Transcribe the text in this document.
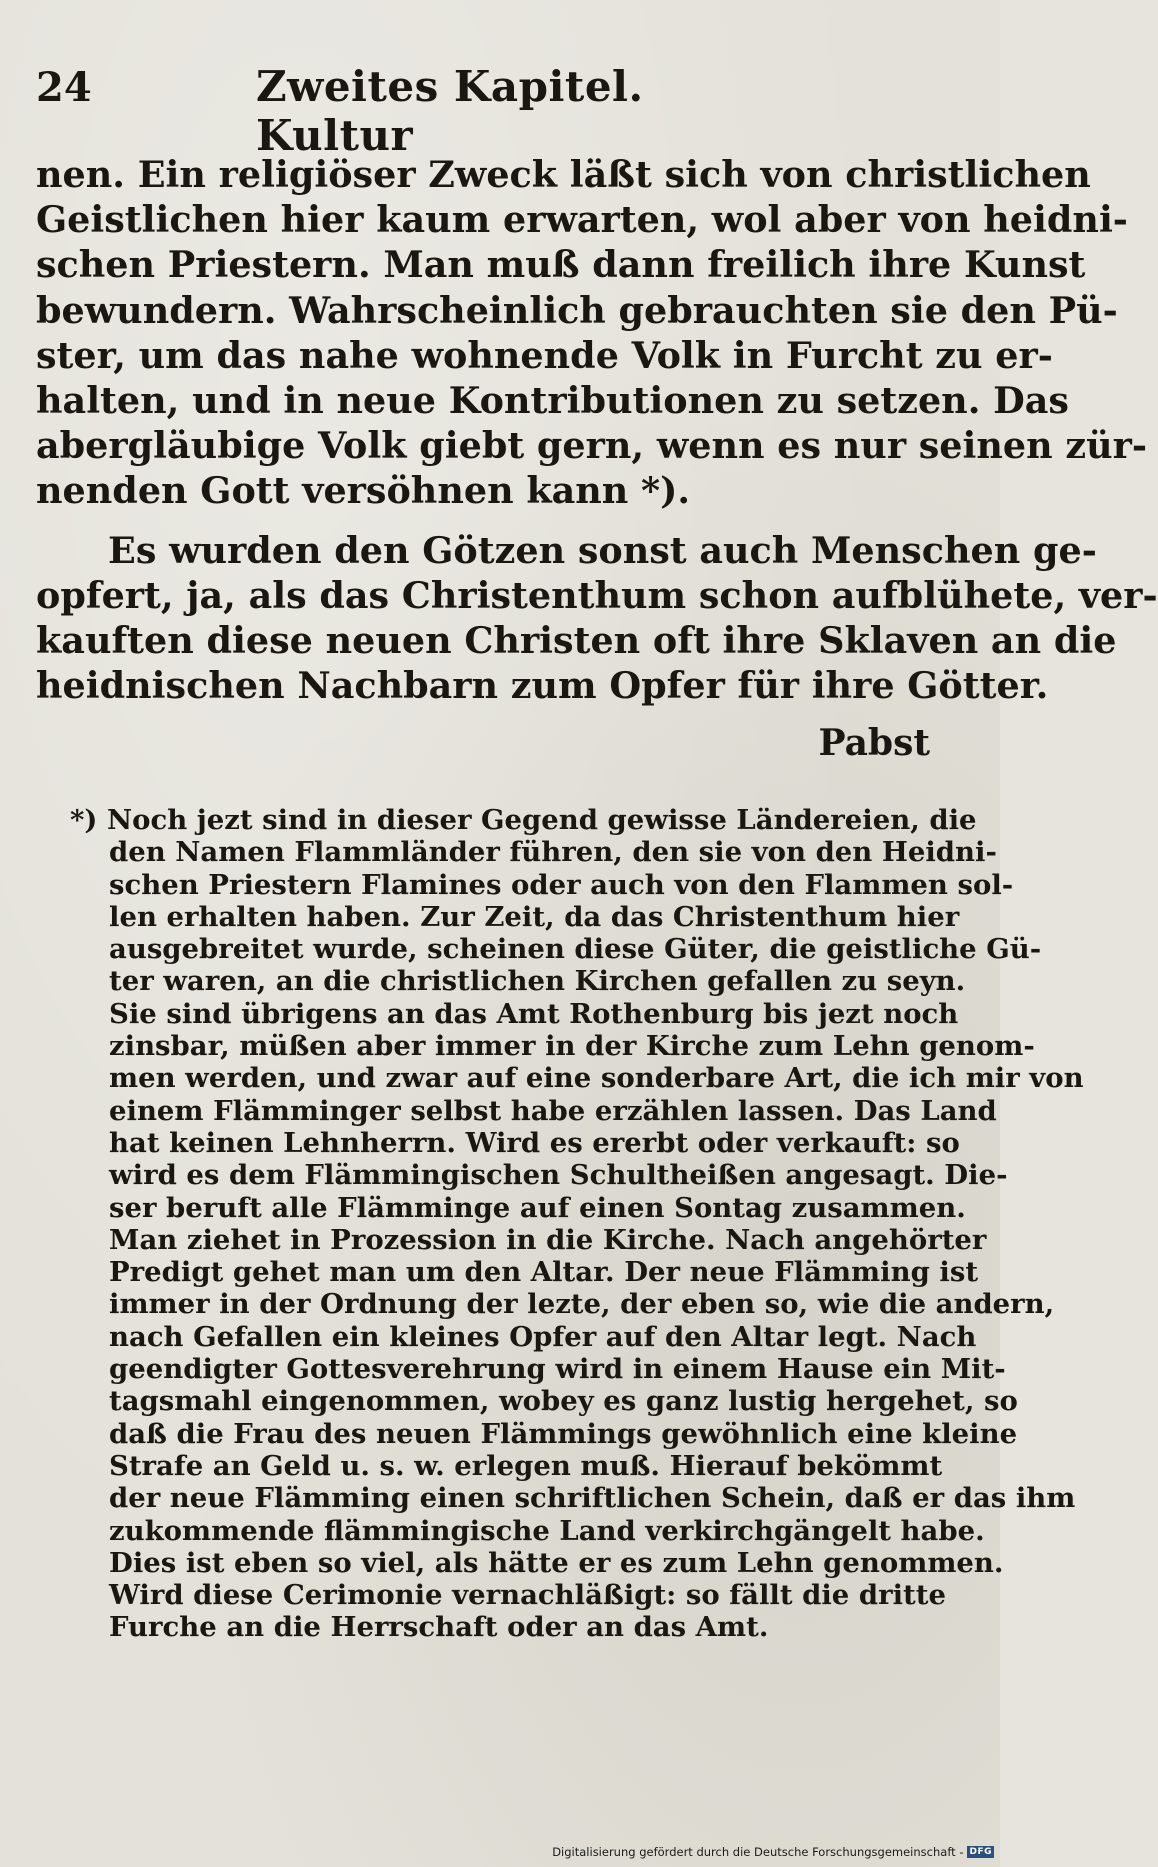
24	Zweites Kapitel. Kultur
nen. Ein religiöser Zweck läßt sich von christlichen
Geistlichen hier kaum erwarten, wol aber von heidni-
schen Priestern. Man muß dann freilich ihre Kunst
bewundern. Wahrscheinlich gebrauchten sie den Pü-
ster, um das nahe wohnende Volk in Furcht zu er-
halten, und in neue Kontributionen zu setzen. Das
abergläubige Volk giebt gern, wenn es nur seinen zür-
nenden Gott versöhnen kann *).
Es wurden den Götzen sonst auch Menschen ge-
opfert, ja, als das Christenthum schon aufblühete, ver-
kauften diese neuen Christen oft ihre Sklaven an die
heidnischen Nachbarn zum Opfer für ihre Götter.
Pabst
*) Noch jezt sind in dieser Gegend gewisse Ländereien, die
den Namen Flammländer führen, den sie von den Heidni-
schen Priestern Flamines oder auch von den Flammen sol-
len erhalten haben. Zur Zeit, da das Christenthum hier
ausgebreitet wurde, scheinen diese Güter, die geistliche Gü-
ter waren, an die christlichen Kirchen gefallen zu seyn.
Sie sind übrigens an das Amt Rothenburg bis jezt noch
zinsbar, müßen aber immer in der Kirche zum Lehn genom-
men werden, und zwar auf eine sonderbare Art, die ich mir von
einem Flämminger selbst habe erzählen lassen. Das Land
hat keinen Lehnherrn. Wird es ererbt oder verkauft: so
wird es dem Flämmingischen Schultheißen angesagt. Die-
ser beruft alle Flämminge auf einen Sontag zusammen.
Man ziehet in Prozession in die Kirche. Nach angehörter
Predigt gehet man um den Altar. Der neue Flämming ist
immer in der Ordnung der lezte, der eben so, wie die andern,
nach Gefallen ein kleines Opfer auf den Altar legt. Nach
geendigter Gottesverehrung wird in einem Hause ein Mit-
tagsmahl eingenommen, wobey es ganz lustig hergehet, so
daß die Frau des neuen Flämmings gewöhnlich eine kleine
Strafe an Geld u. s. w. erlegen muß. Hierauf bekömmt
der neue Flämming einen schriftlichen Schein, daß er das ihm
zukommende flämmingische Land verkirchgängelt habe.
Dies ist eben so viel, als hätte er es zum Lehn genommen.
Wird diese Cerimonie vernachläßigt: so fällt die dritte
Furche an die Herrschaft oder an das Amt.
Digitalisierung gefördert durch die Deutsche Forschungsgemeinschaft - DFG
